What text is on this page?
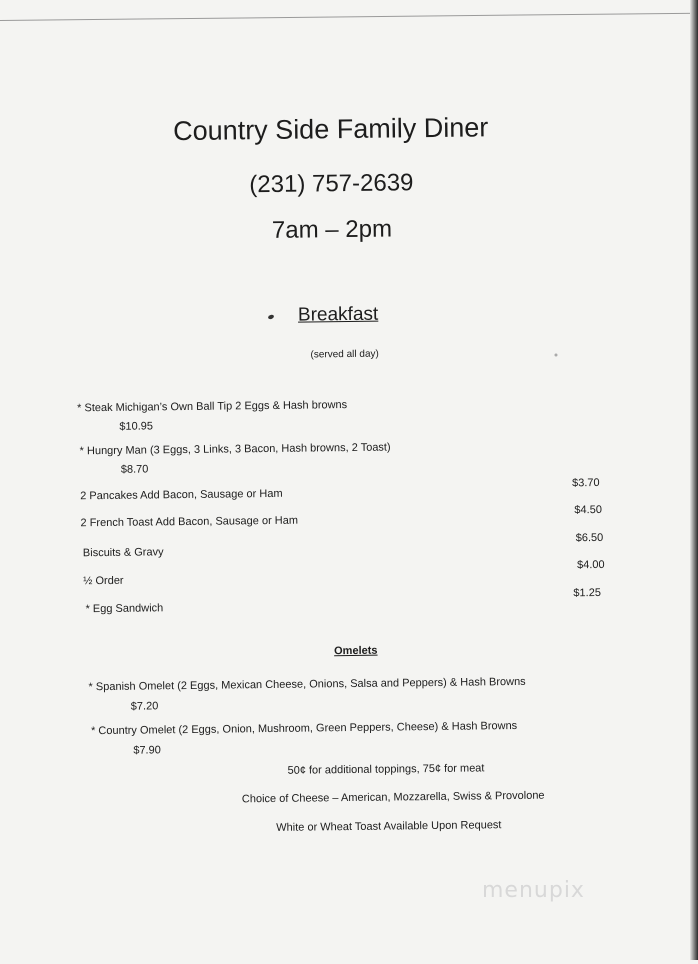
Country Side Family Diner
(231) 757-2639
7am – 2pm
Breakfast
(served all day)
* Steak Michigan’s Own Ball Tip 2 Eggs & Hash browns
$10.95
* Hungry Man (3 Eggs, 3 Links, 3 Bacon, Hash browns, 2 Toast)
$8.70
2 Pancakes Add Bacon, Sausage or Ham
$3.70
2 French Toast Add Bacon, Sausage or Ham
$4.50
Biscuits & Gravy
$6.50
½ Order
$4.00
* Egg Sandwich
$1.25
Omelets
* Spanish Omelet (2 Eggs, Mexican Cheese, Onions, Salsa and Peppers) & Hash Browns
$7.20
* Country Omelet (2 Eggs, Onion, Mushroom, Green Peppers, Cheese) & Hash Browns
$7.90
50¢ for additional toppings, 75¢ for meat
Choice of Cheese – American, Mozzarella, Swiss & Provolone
White or Wheat Toast Available Upon Request
menupix
